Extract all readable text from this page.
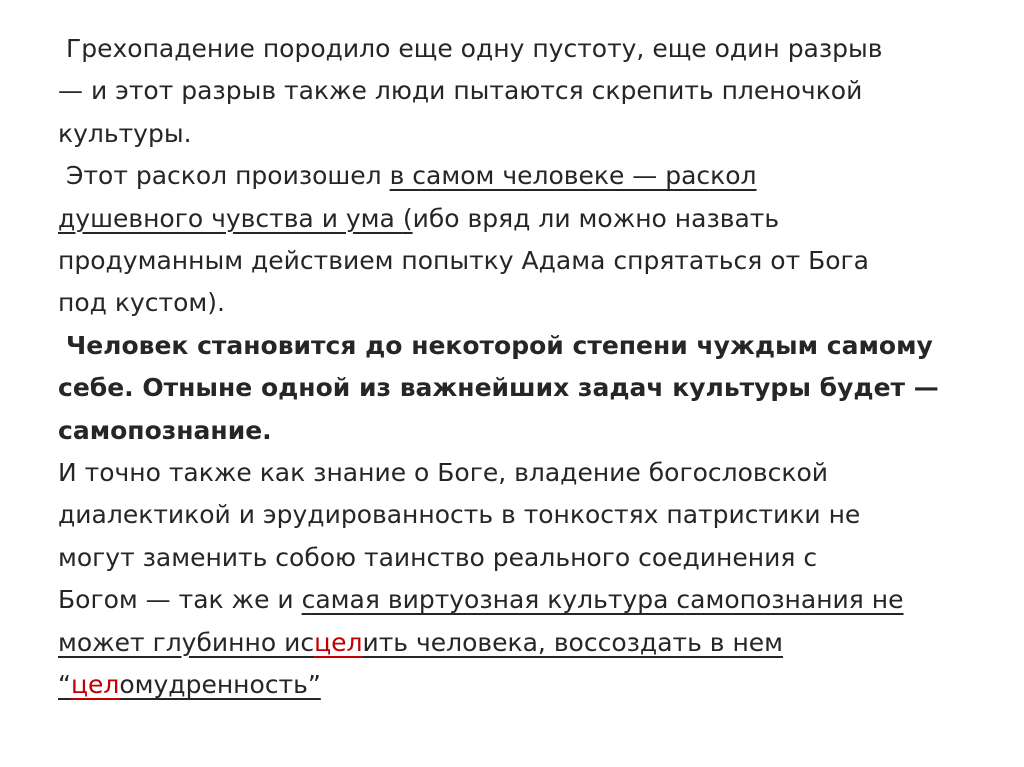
Грехопадение породило еще одну пустоту, еще один разрыв
— и этот разрыв также люди пытаются скрепить пленочкой
культуры.
Этот раскол произошел в самом человеке — раскол
душевного чувства и ума (ибо вряд ли можно назвать
продуманным действием попытку Адама спрятаться от Бога
под кустом).
Человек становится до некоторой степени чуждым самому
себе. Отныне одной из важнейших задач культуры будет —
самопознание.
И точно также как знание о Боге, владение богословской
диалектикой и эрудированность в тонкостях патристики не
могут заменить собою таинство реального соединения с
Богом — так же и самая виртуозная культура самопознания не
может глубинно исцелить человека, воссоздать в нем
“целомудренность”
